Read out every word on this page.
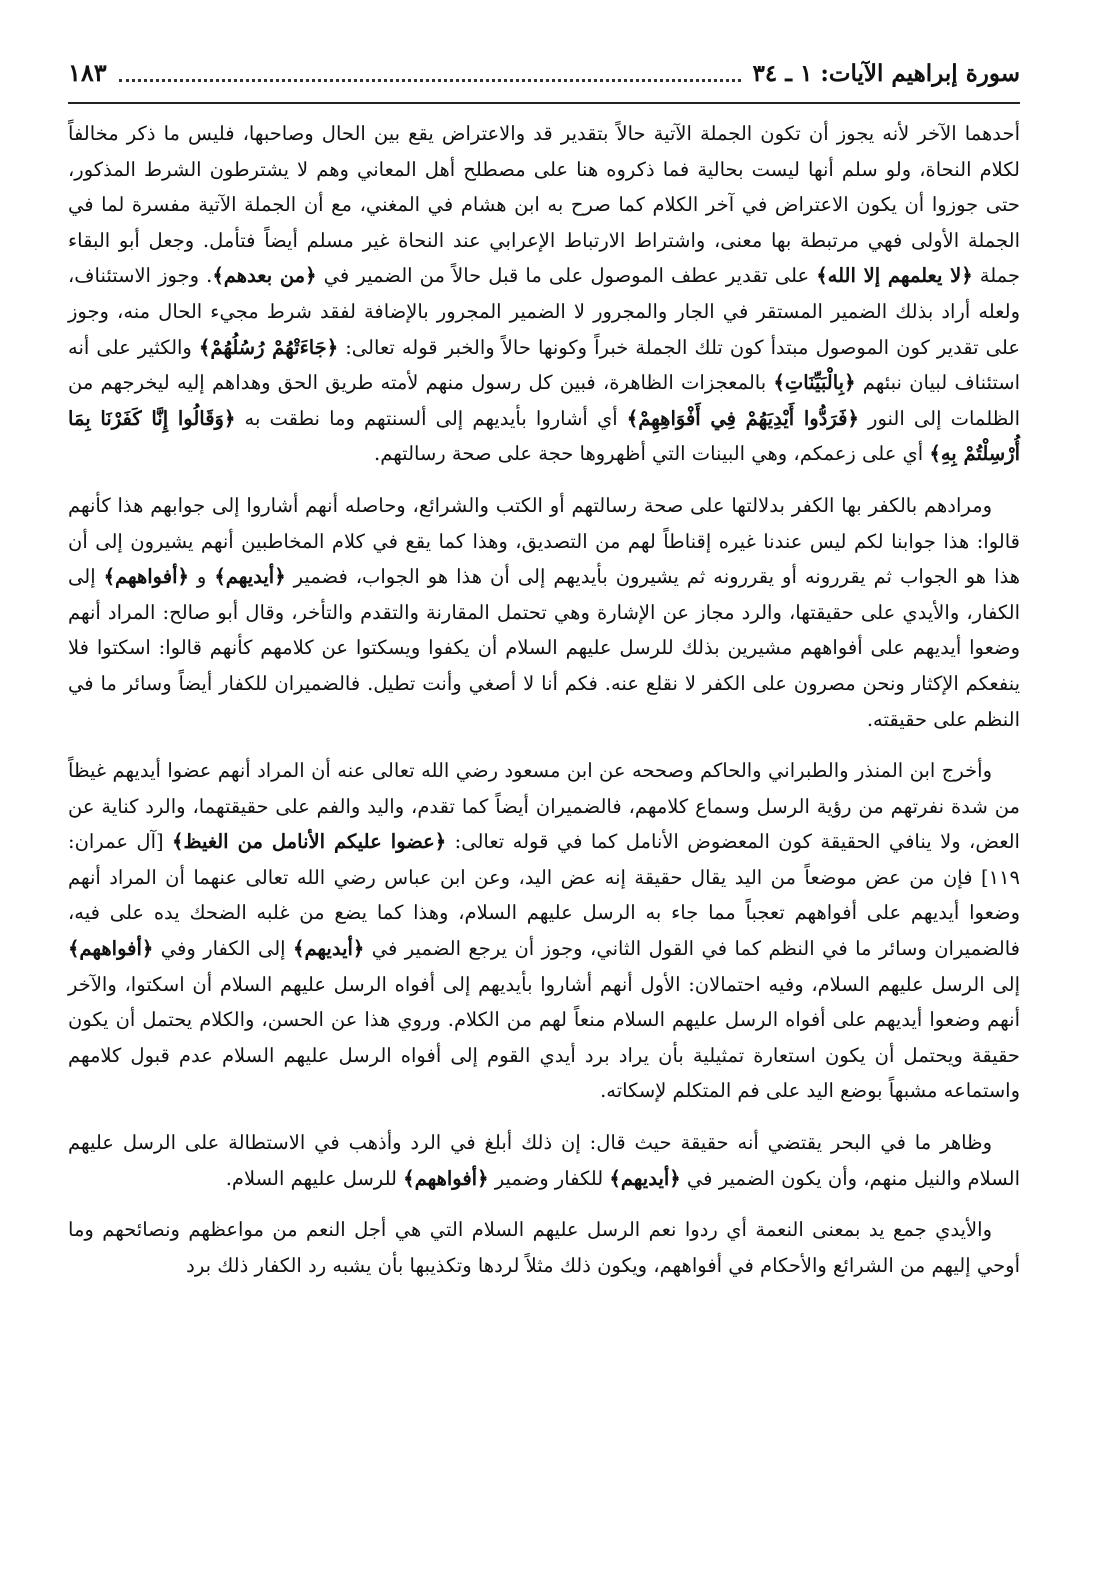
سورة إبراهيم الآيات: ١ ـ ٣٤
١٨٣

أحدهما الآخر لأنه يجوز أن تكون الجملة الآتية حالاً بتقدير قد والاعتراض يقع بين الحال وصاحبها، فليس ما ذكر مخالفاً لكلام النحاة، ولو سلم أنها ليست بحالية فما ذكروه هنا على مصطلح أهل المعاني وهم لا يشترطون الشرط المذكور، حتى جوزوا أن يكون الاعتراض في آخر الكلام كما صرح به ابن هشام في المغني، مع أن الجملة الآتية مفسرة لما في الجملة الأولى فهي مرتبطة بها معنى، واشتراط الارتباط الإعرابي عند النحاة غير مسلم أيضاً فتأمل. وجعل أبو البقاء جملة ﴿لا يعلمهم إلا الله﴾ على تقدير عطف الموصول على ما قبل حالاً من الضمير في ﴿من بعدهم﴾. وجوز الاستئناف، ولعله أراد بذلك الضمير المستقر في الجار والمجرور لا الضمير المجرور بالإضافة لفقد شرط مجيء الحال منه، وجوز على تقدير كون الموصول مبتدأ كون تلك الجملة خبراً وكونها حالاً والخبر قوله تعالى: ﴿جَاءَتْهُمْ رُسُلُهُمْ﴾ والكثير على أنه استئناف لبيان نبئهم ﴿بِالْبَيِّنَاتِ﴾ بالمعجزات الظاهرة، فبين كل رسول منهم لأمته طريق الحق وهداهم إليه ليخرجهم من الظلمات إلى النور ﴿فَرَدُّوا أَيْدِيَهُمْ فِي أَفْوَاهِهِمْ﴾ أي أشاروا بأيديهم إلى ألسنتهم وما نطقت به ﴿وَقَالُوا إِنَّا كَفَرْنَا بِمَا أُرْسِلْتُمْ بِهِ﴾ أي على زعمكم، وهي البينات التي أظهروها حجة على صحة رسالتهم.

ومرادهم بالكفر بها الكفر بدلالتها على صحة رسالتهم أو الكتب والشرائع، وحاصله أنهم أشاروا إلى جوابهم هذا كأنهم قالوا: هذا جوابنا لكم ليس عندنا غيره إقناطاً لهم من التصديق، وهذا كما يقع في كلام المخاطبين أنهم يشيرون إلى أن هذا هو الجواب ثم يقررونه أو يقررونه ثم يشيرون بأيديهم إلى أن هذا هو الجواب، فضمير ﴿أيديهم﴾ و ﴿أفواههم﴾ إلى الكفار، والأيدي على حقيقتها، والرد مجاز عن الإشارة وهي تحتمل المقارنة والتقدم والتأخر، وقال أبو صالح: المراد أنهم وضعوا أيديهم على أفواههم مشيرين بذلك للرسل عليهم السلام أن يكفوا ويسكتوا عن كلامهم كأنهم قالوا: اسكتوا فلا ينفعكم الإكثار ونحن مصرون على الكفر لا نقلع عنه. فكم أنا لا أصغي وأنت تطيل. فالضميران للكفار أيضاً وسائر ما في النظم على حقيقته.

وأخرج ابن المنذر والطبراني والحاكم وصححه عن ابن مسعود رضي الله تعالى عنه أن المراد أنهم عضوا أيديهم غيظاً من شدة نفرتهم من رؤية الرسل وسماع كلامهم، فالضميران أيضاً كما تقدم، واليد والفم على حقيقتهما، والرد كناية عن العض، ولا ينافي الحقيقة كون المعضوض الأنامل كما في قوله تعالى: ﴿عضوا عليكم الأنامل من الغيظ﴾ [آل عمران: ١١٩] فإن من عض موضعاً من اليد يقال حقيقة إنه عض اليد، وعن ابن عباس رضي الله تعالى عنهما أن المراد أنهم وضعوا أيديهم على أفواههم تعجباً مما جاء به الرسل عليهم السلام، وهذا كما يضع من غلبه الضحك يده على فيه، فالضميران وسائر ما في النظم كما في القول الثاني، وجوز أن يرجع الضمير في ﴿أيديهم﴾ إلى الكفار وفي ﴿أفواههم﴾ إلى الرسل عليهم السلام، وفيه احتمالان: الأول أنهم أشاروا بأيديهم إلى أفواه الرسل عليهم السلام أن اسكتوا، والآخر أنهم وضعوا أيديهم على أفواه الرسل عليهم السلام منعاً لهم من الكلام. وروي هذا عن الحسن، والكلام يحتمل أن يكون حقيقة ويحتمل أن يكون استعارة تمثيلية بأن يراد برد أيدي القوم إلى أفواه الرسل عليهم السلام عدم قبول كلامهم واستماعه مشبهاً بوضع اليد على فم المتكلم لإسكاته.

وظاهر ما في البحر يقتضي أنه حقيقة حيث قال: إن ذلك أبلغ في الرد وأذهب في الاستطالة على الرسل عليهم السلام والنيل منهم، وأن يكون الضمير في ﴿أيديهم﴾ للكفار وضمير ﴿أفواههم﴾ للرسل عليهم السلام.

والأيدي جمع يد بمعنى النعمة أي ردوا نعم الرسل عليهم السلام التي هي أجل النعم من مواعظهم ونصائحهم وما أوحي إليهم من الشرائع والأحكام في أفواههم، ويكون ذلك مثلاً لردها وتكذيبها بأن يشبه رد الكفار ذلك برد
